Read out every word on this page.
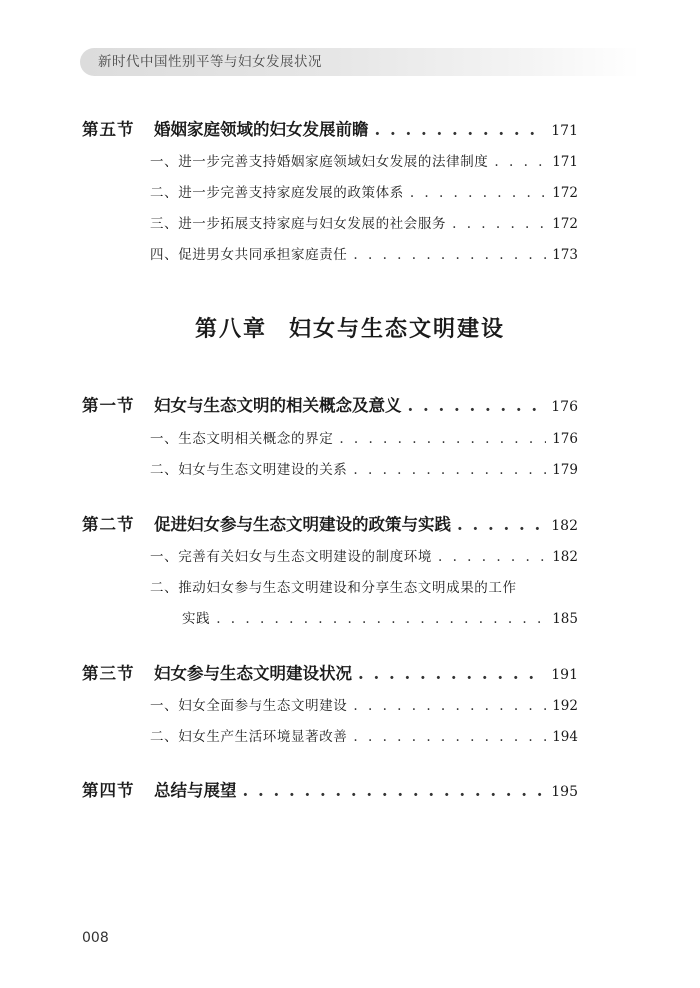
新时代中国性别平等与妇女发展状况
第五节	婚姻家庭领域的妇女发展前瞻 . . .	171
一、进一步完善支持婚姻家庭领域妇女发展的法律制度 . . .	171
二、进一步完善支持家庭发展的政策体系 . . .	172
三、进一步拓展支持家庭与妇女发展的社会服务 . . .	172
四、促进男女共同承担家庭责任 . . .	173
第八章 妇女与生态文明建设
第一节	妇女与生态文明的相关概念及意义 . . .	176
一、生态文明相关概念的界定 . . .	176
二、妇女与生态文明建设的关系 . . .	179
第二节	促进妇女参与生态文明建设的政策与实践 . . .	182
一、完善有关妇女与生态文明建设的制度环境 . . .	182
二、推动妇女参与生态文明建设和分享生态文明成果的工作
实践 . . .	185
第三节	妇女参与生态文明建设状况 . . .	191
一、妇女全面参与生态文明建设 . . .	192
二、妇女生产生活环境显著改善 . . .	194
第四节	总结与展望 . . .	195
008
